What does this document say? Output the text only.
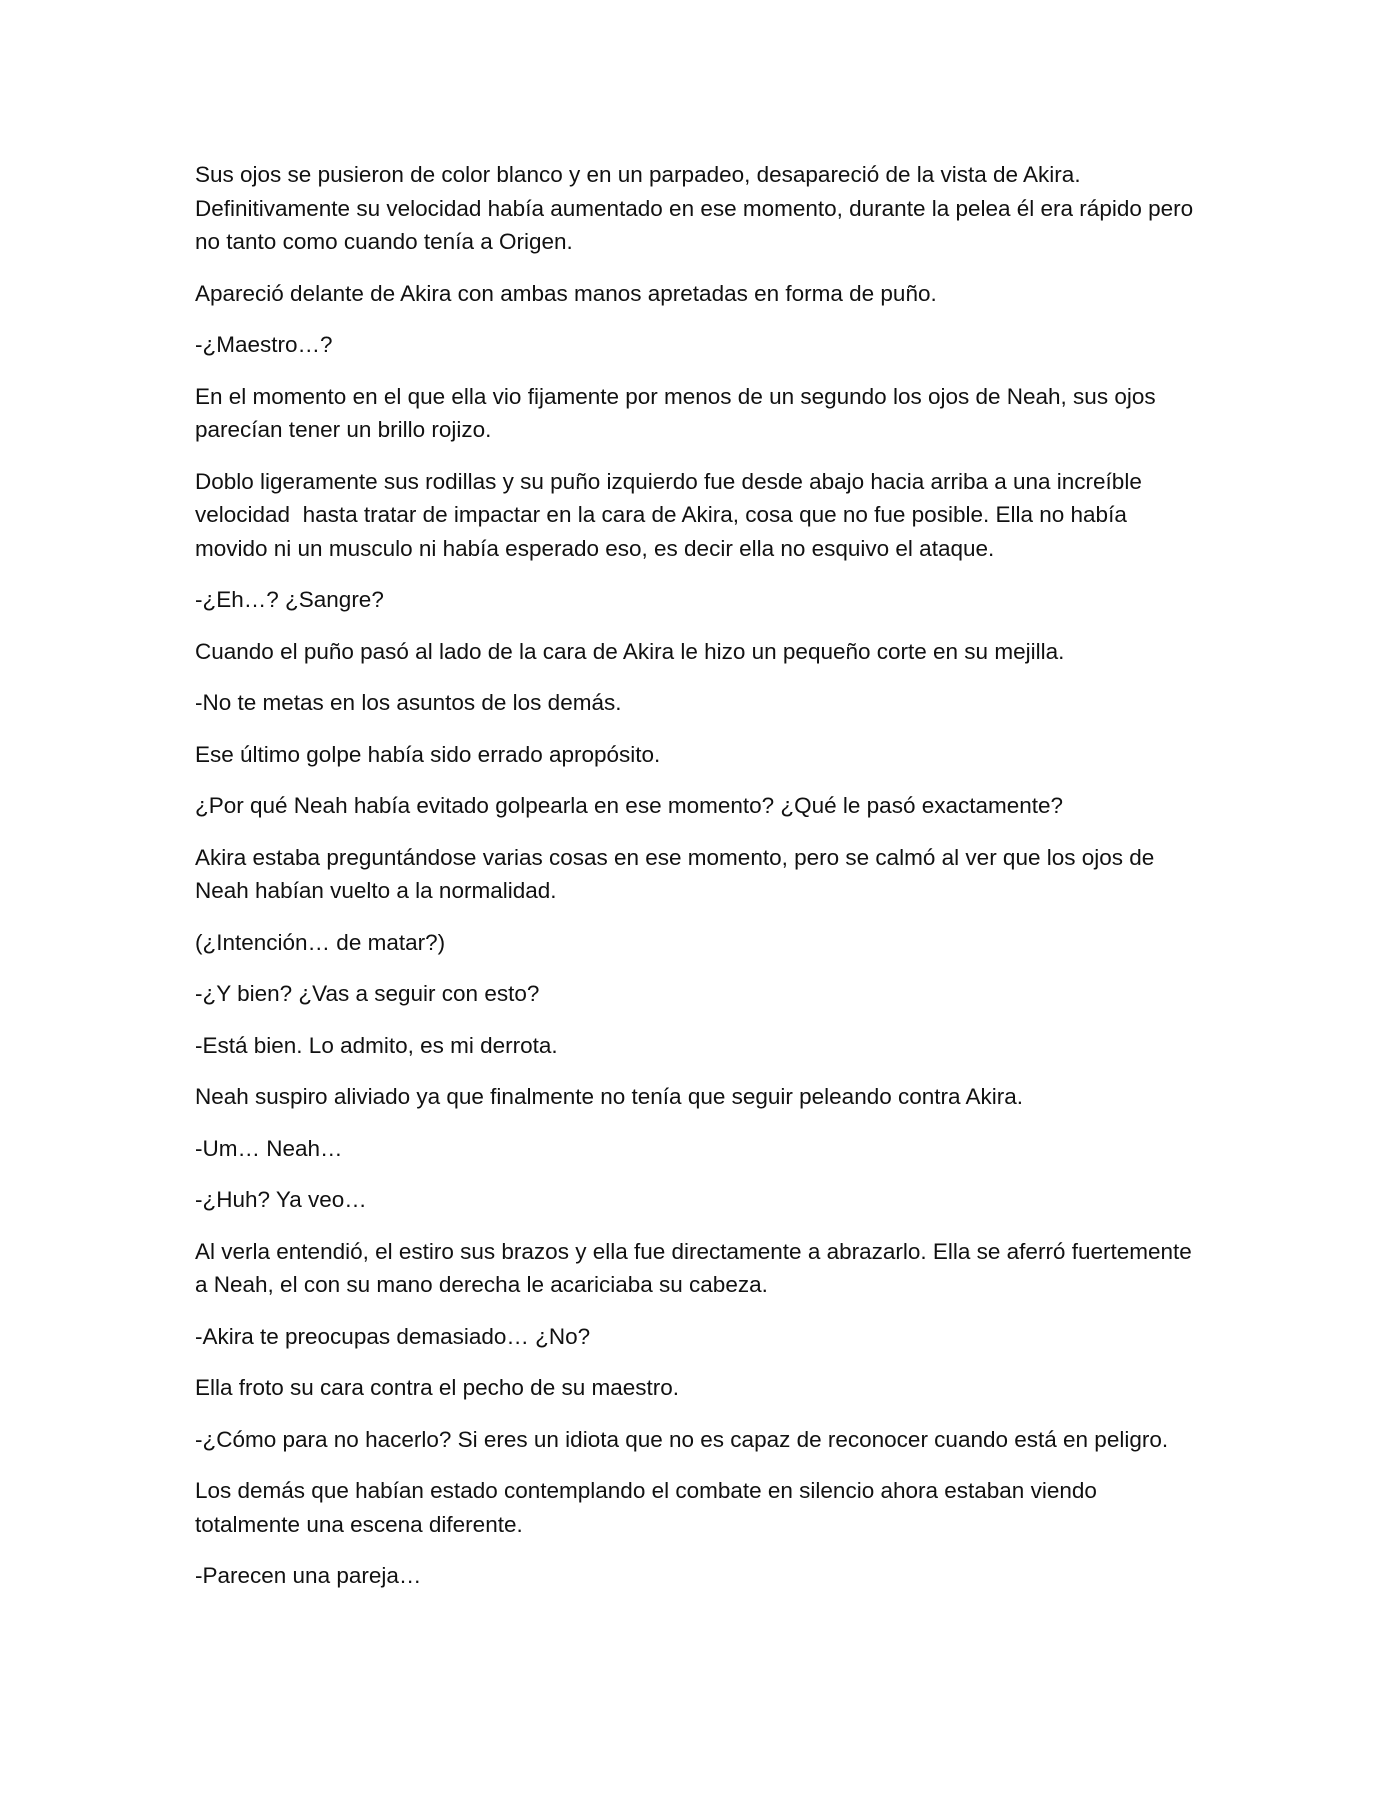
Sus ojos se pusieron de color blanco y en un parpadeo, desapareció de la vista de Akira. Definitivamente su velocidad había aumentado en ese momento, durante la pelea él era rápido pero no tanto como cuando tenía a Origen.

Apareció delante de Akira con ambas manos apretadas en forma de puño.

-¿Maestro…?

En el momento en el que ella vio fijamente por menos de un segundo los ojos de Neah, sus ojos parecían tener un brillo rojizo.

Doblo ligeramente sus rodillas y su puño izquierdo fue desde abajo hacia arriba a una increíble velocidad  hasta tratar de impactar en la cara de Akira, cosa que no fue posible. Ella no había movido ni un musculo ni había esperado eso, es decir ella no esquivo el ataque.

-¿Eh…? ¿Sangre?

Cuando el puño pasó al lado de la cara de Akira le hizo un pequeño corte en su mejilla.

-No te metas en los asuntos de los demás.

Ese último golpe había sido errado apropósito.

¿Por qué Neah había evitado golpearla en ese momento? ¿Qué le pasó exactamente?

Akira estaba preguntándose varias cosas en ese momento, pero se calmó al ver que los ojos de Neah habían vuelto a la normalidad.

(¿Intención… de matar?)

-¿Y bien? ¿Vas a seguir con esto?

-Está bien. Lo admito, es mi derrota.

Neah suspiro aliviado ya que finalmente no tenía que seguir peleando contra Akira.

-Um… Neah…

-¿Huh? Ya veo…

Al verla entendió, el estiro sus brazos y ella fue directamente a abrazarlo. Ella se aferró fuertemente a Neah, el con su mano derecha le acariciaba su cabeza.

-Akira te preocupas demasiado… ¿No?

Ella froto su cara contra el pecho de su maestro.

-¿Cómo para no hacerlo? Si eres un idiota que no es capaz de reconocer cuando está en peligro.

Los demás que habían estado contemplando el combate en silencio ahora estaban viendo totalmente una escena diferente.

-Parecen una pareja…
